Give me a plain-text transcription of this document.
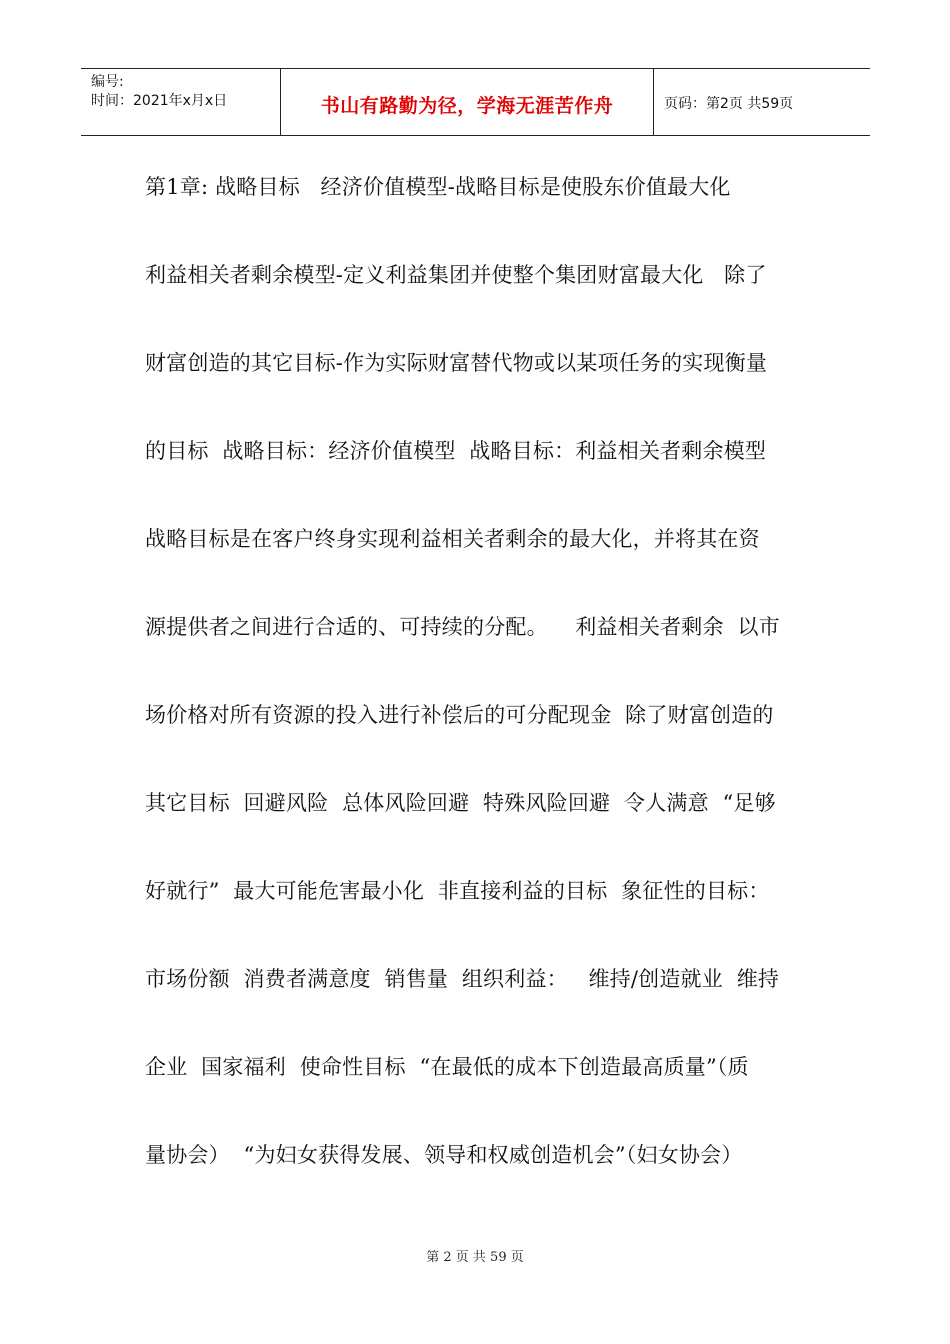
编号:
时间：2021年x月x日	书山有路勤为径，学海无涯苦作舟	页码：第2页 共59页
第1章: 战略目标   经济价值模型-战略目标是使股东价值最大化
利益相关者剩余模型-定义利益集团并使整个集团财富最大化   除了
财富创造的其它目标-作为实际财富替代物或以某项任务的实现衡量
的目标  战略目标：经济价值模型  战略目标：利益相关者剩余模型
战略目标是在客户终身实现利益相关者剩余的最大化，并将其在资
源提供者之间进行合适的、可持续的分配。    利益相关者剩余  以市
场价格对所有资源的投入进行补偿后的可分配现金  除了财富创造的
其它目标  回避风险  总体风险回避  特殊风险回避  令人满意  “足够
好就行”  最大可能危害最小化  非直接利益的目标  象征性的目标：
市场份额  消费者满意度  销售量  组织利益：   维持/创造就业  维持
企业  国家福利  使命性目标  “在最低的成本下创造最高质量”（质
量协会）  “为妇女获得发展、领导和权威创造机会”（妇女协会）
第 2 页 共 59 页
